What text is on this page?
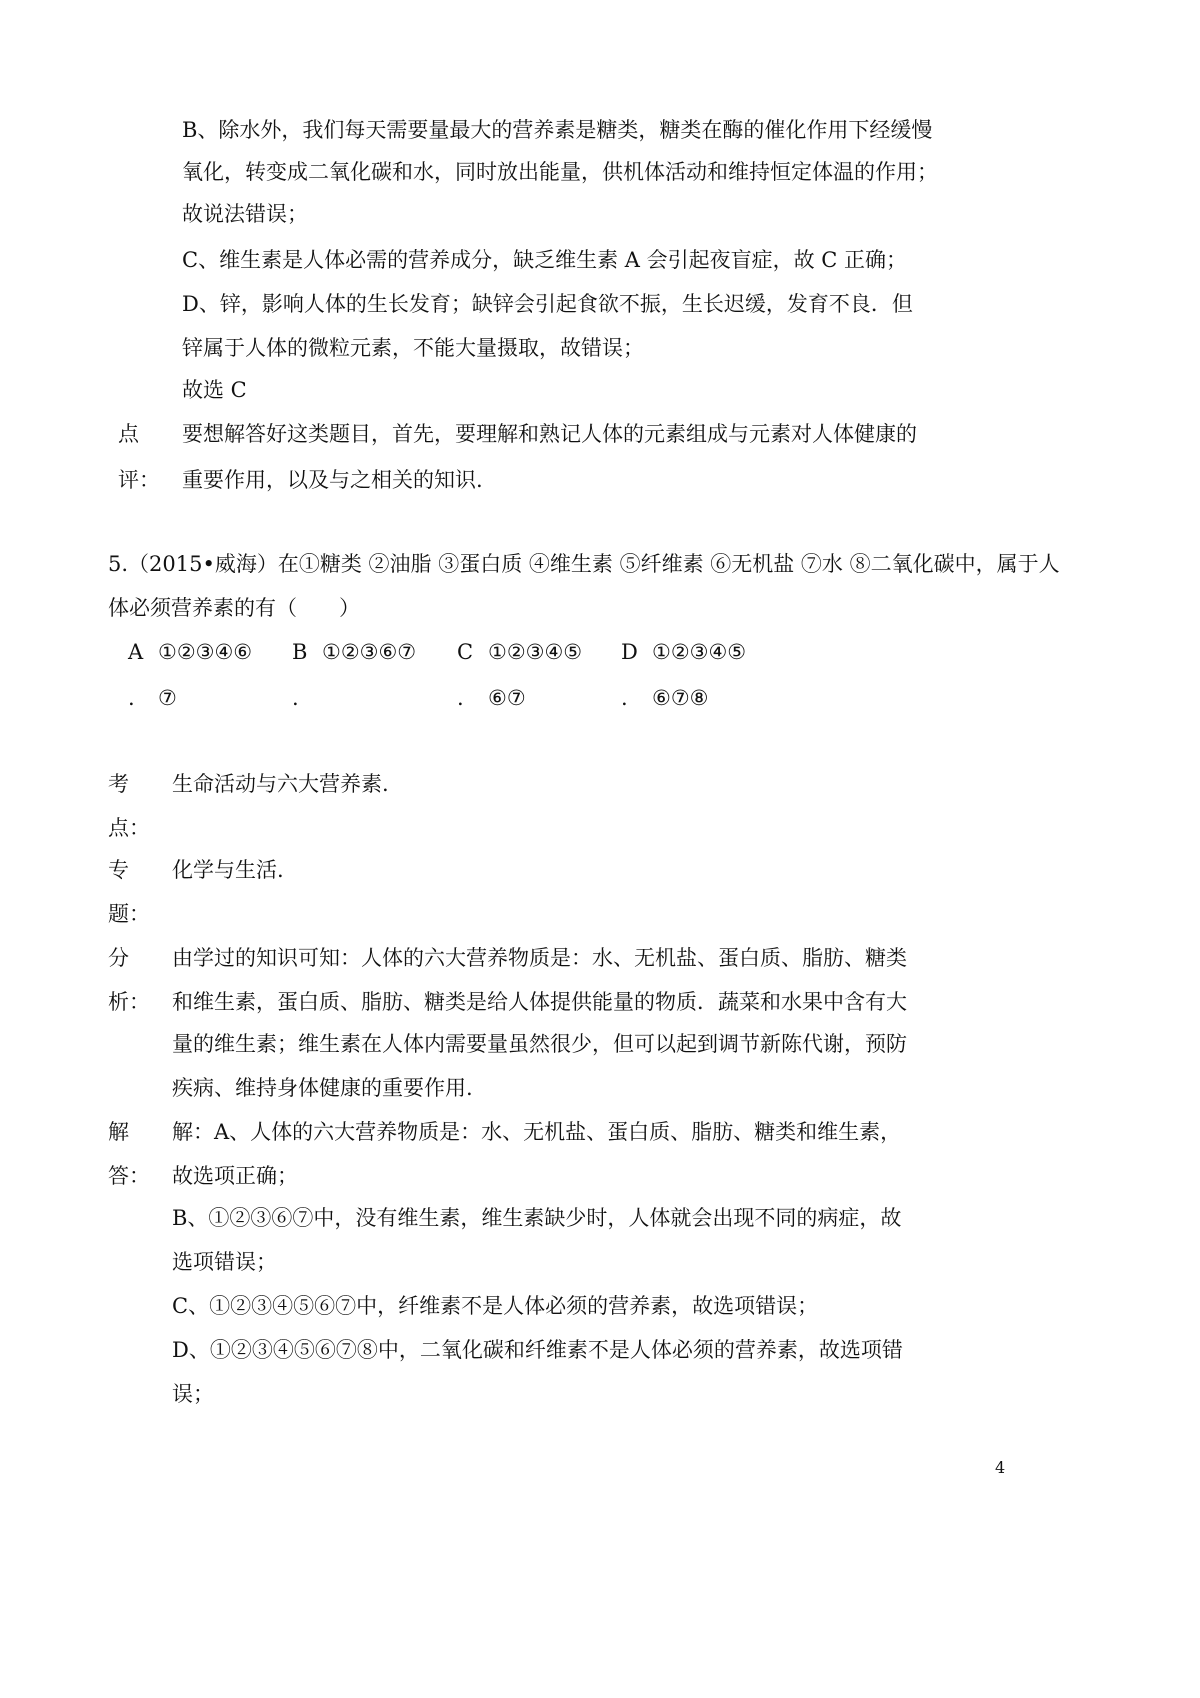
B、除水外，我们每天需要量最大的营养素是糖类，糖类在酶的催化作用下经缓慢
氧化，转变成二氧化碳和水，同时放出能量，供机体活动和维持恒定体温的作用；
故说法错误；
C、维生素是人体必需的营养成分，缺乏维生素 A 会引起夜盲症，故 C 正确；
D、锌，影响人体的生长发育；缺锌会引起食欲不振，生长迟缓，发育不良．但
锌属于人体的微粒元素，不能大量摄取，故错误；
故选 C
点
评：
要想解答好这类题目，首先，要理解和熟记人体的元素组成与元素对人体健康的
重要作用，以及与之相关的知识.
5.（2015•威海）在①糖类 ②油脂 ③蛋白质 ④维生素 ⑤纤维素 ⑥无机盐 ⑦水 ⑧二氧化碳中，属于人
体必须营养素的有（　　）
A
.
①②③④⑥
⑦
B
.
①②③⑥⑦ C
.
①②③④⑤
⑥⑦
D
.
①②③④⑤
⑥⑦⑧
考
点：
生命活动与六大营养素.
专
题：
化学与生活.
分
析：
由学过的知识可知：人体的六大营养物质是：水、无机盐、蛋白质、脂肪、糖类
和维生素，蛋白质、脂肪、糖类是给人体提供能量的物质．蔬菜和水果中含有大
量的维生素；维生素在人体内需要量虽然很少，但可以起到调节新陈代谢，预防
疾病、维持身体健康的重要作用.
解
答：
解：A、人体的六大营养物质是：水、无机盐、蛋白质、脂肪、糖类和维生素，
故选项正确；
B、①②③⑥⑦中，没有维生素，维生素缺少时，人体就会出现不同的病症，故
选项错误；
C、①②③④⑤⑥⑦中，纤维素不是人体必须的营养素，故选项错误；
D、①②③④⑤⑥⑦⑧中，二氧化碳和纤维素不是人体必须的营养素，故选项错
误；
4
